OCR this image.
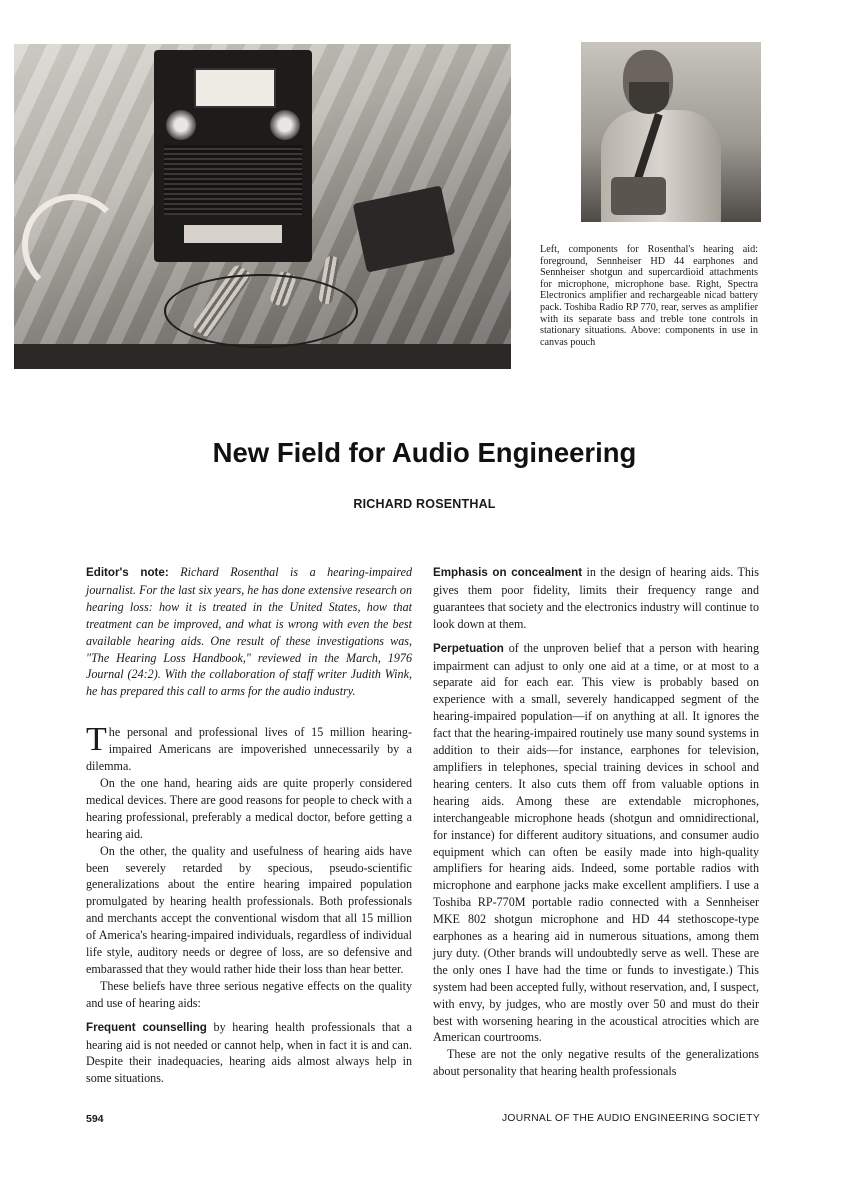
Left, components for Rosenthal's hearing aid: foreground, Sennheiser HD 44 earphones and Sennheiser shotgun and supercardioid attachments for microphone, microphone base. Right, Spectra Electronics amplifier and rechargeable nicad battery pack. Toshiba Radio RP 770, rear, serves as amplifier with its separate bass and treble tone controls in stationary situations. Above: components in use in canvas pouch
New Field for Audio Engineering
RICHARD ROSENTHAL

Editor's note: Richard Rosenthal is a hearing-impaired journalist. For the last six years, he has done extensive research on hearing loss: how it is treated in the United States, how that treatment can be improved, and what is wrong with even the best available hearing aids. One result of these investigations was, "The Hearing Loss Handbook," reviewed in the March, 1976 Journal (24:2). With the collaboration of staff writer Judith Wink, he has prepared this call to arms for the audio industry.

The personal and professional lives of 15 million hearing-impaired Americans are impoverished unnecessarily by a dilemma.

On the one hand, hearing aids are quite properly considered medical devices. There are good reasons for people to check with a hearing professional, preferably a medical doctor, before getting a hearing aid.

On the other, the quality and usefulness of hearing aids have been severely retarded by specious, pseudo-scientific generalizations about the entire hearing impaired population promulgated by hearing health professionals. Both professionals and merchants accept the conventional wisdom that all 15 million of America's hearing-impaired individuals, regardless of individual life style, auditory needs or degree of loss, are so defensive and embarassed that they would rather hide their loss than hear better.

These beliefs have three serious negative effects on the quality and use of hearing aids:

Frequent counselling by hearing health professionals that a hearing aid is not needed or cannot help, when in fact it is and can. Despite their inadequacies, hearing aids almost always help in some situations.

Emphasis on concealment in the design of hearing aids. This gives them poor fidelity, limits their frequency range and guarantees that society and the electronics industry will continue to look down at them.

Perpetuation of the unproven belief that a person with hearing impairment can adjust to only one aid at a time, or at most to a separate aid for each ear. This view is probably based on experience with a small, severely handicapped segment of the hearing-impaired population—if on anything at all. It ignores the fact that the hearing-impaired routinely use many sound systems in addition to their aids—for instance, earphones for television, amplifiers in telephones, special training devices in school and hearing centers. It also cuts them off from valuable options in hearing aids. Among these are extendable microphones, interchangeable microphone heads (shotgun and omnidirectional, for instance) for different auditory situations, and consumer audio equipment which can often be easily made into high-quality amplifiers for hearing aids. Indeed, some portable radios with microphone and earphone jacks make excellent amplifiers. I use a Toshiba RP-770M portable radio connected with a Sennheiser MKE 802 shotgun microphone and HD 44 stethoscope-type earphones as a hearing aid in numerous situations, among them jury duty. (Other brands will undoubtedly serve as well. These are the only ones I have had the time or funds to investigate.) This system had been accepted fully, without reservation, and, I suspect, with envy, by judges, who are mostly over 50 and must do their best with worsening hearing in the acoustical atrocities which are American courtrooms.

These are not the only negative results of the generalizations about personality that hearing health professionals

594	JOURNAL OF THE AUDIO ENGINEERING SOCIETY
